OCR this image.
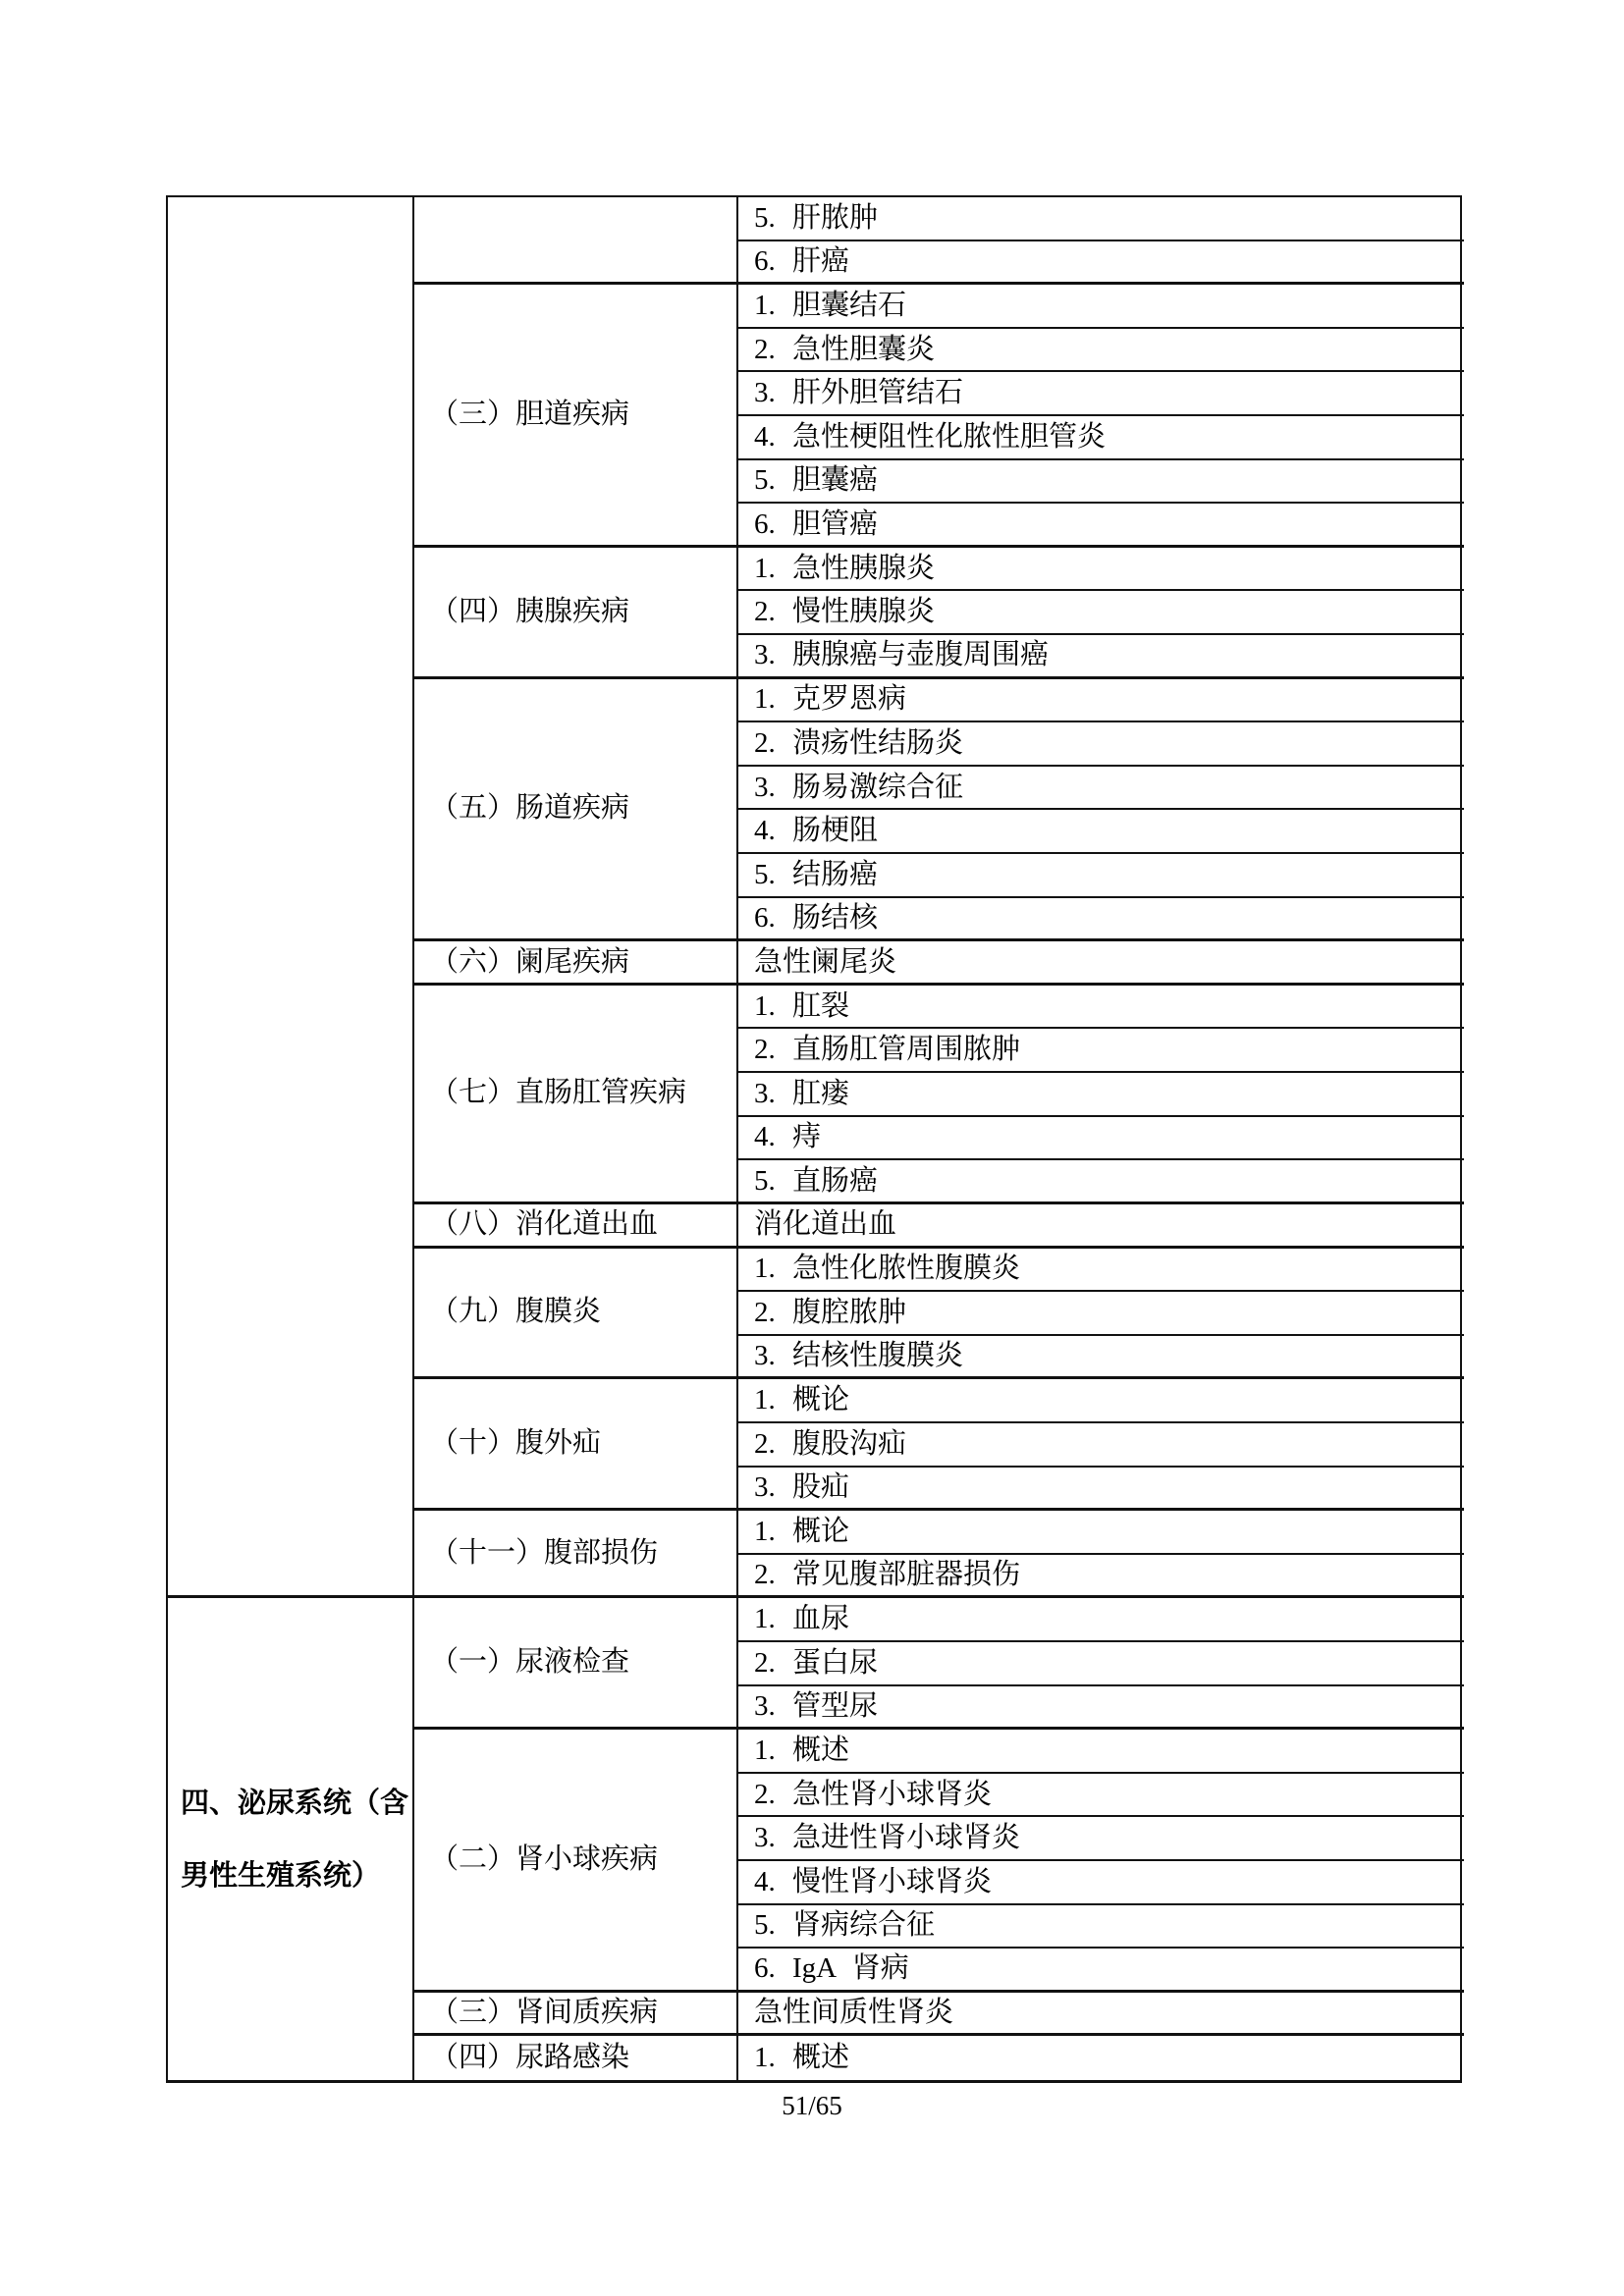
四、泌尿系统（含
男性生殖系统）
（三）胆道疾病
（四）胰腺疾病
（五）肠道疾病
（六）阑尾疾病
（七）直肠肛管疾病
（八）消化道出血
（九）腹膜炎
（十）腹外疝
（十一）腹部损伤
（一）尿液检查
（二）肾小球疾病
（三）肾间质疾病
（四）尿路感染
5. 肝脓肿
6. 肝癌
1. 胆囊结石
2. 急性胆囊炎
3. 肝外胆管结石
4. 急性梗阻性化脓性胆管炎
5. 胆囊癌
6. 胆管癌
1. 急性胰腺炎
2. 慢性胰腺炎
3. 胰腺癌与壶腹周围癌
1. 克罗恩病
2. 溃疡性结肠炎
3. 肠易激综合征
4. 肠梗阻
5. 结肠癌
6. 肠结核
急性阑尾炎
1. 肛裂
2. 直肠肛管周围脓肿
3. 肛瘘
4. 痔
5. 直肠癌
消化道出血
1. 急性化脓性腹膜炎
2. 腹腔脓肿
3. 结核性腹膜炎
1. 概论
2. 腹股沟疝
3. 股疝
1. 概论
2. 常见腹部脏器损伤
1. 血尿
2. 蛋白尿
3. 管型尿
1. 概述
2. 急性肾小球肾炎
3. 急进性肾小球肾炎
4. 慢性肾小球肾炎
5. 肾病综合征
6. IgA 肾病
急性间质性肾炎
1. 概述
51/65
